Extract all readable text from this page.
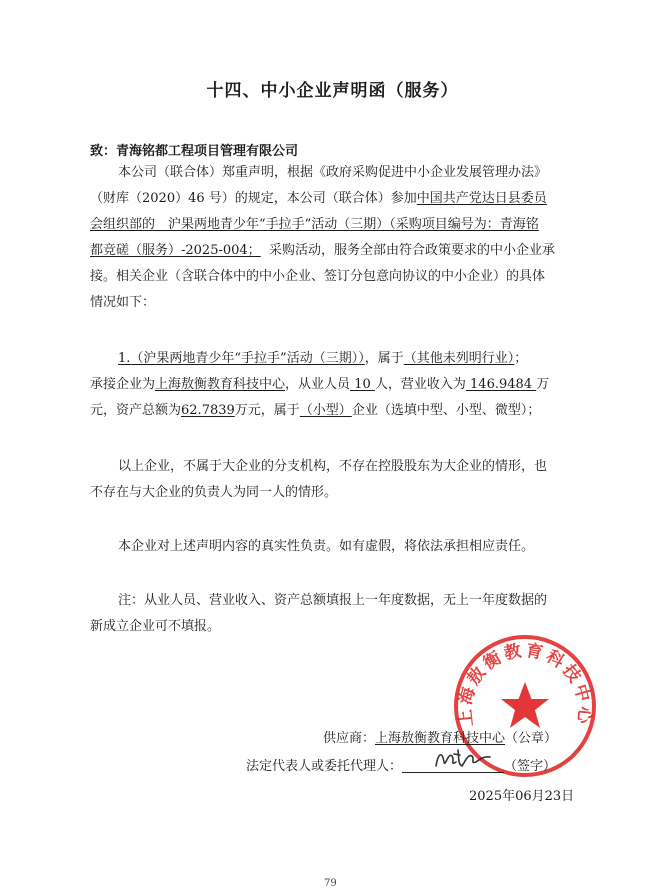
十四、中小企业声明函（服务）
致：青海铭都工程项目管理有限公司
本公司（联合体）郑重声明，根据《政府采购促进中小企业发展管理办法》
（财库（2020）46 号）的规定，本公司（联合体）参加中国共产党达日县委员
会组织部的__沪果两地青少年“手拉手”活动（三期）（采购项目编号为：青海铭
都竞磋（服务）-2025-004； 采购活动，服务全部由符合政策要求的中小企业承
接。相关企业（含联合体中的中小企业、签订分包意向协议的中小企业）的具体
情况如下：
1.（沪果两地青少年“手拉手”活动（三期）），属于（其他未列明行业）；
承接企业为上海敖衡教育科技中心，从业人员 10 人，营业收入为 146.9484 万
元，资产总额为62.7839万元，属于（小型）企业（选填中型、小型、微型）；
以上企业，不属于大企业的分支机构，不存在控股股东为大企业的情形，也
不存在与大企业的负责人为同一人的情形。
本企业对上述声明内容的真实性负责。如有虚假，将依法承担相应责任。
注：从业人员、营业收入、资产总额填报上一年度数据，无上一年度数据的
新成立企业可不填报。
上海敖衡教育科技中心
供应商：上海敖衡教育科技中心（公章）
法定代表人或委托代理人：	（签字）
2025年06月23日
79
